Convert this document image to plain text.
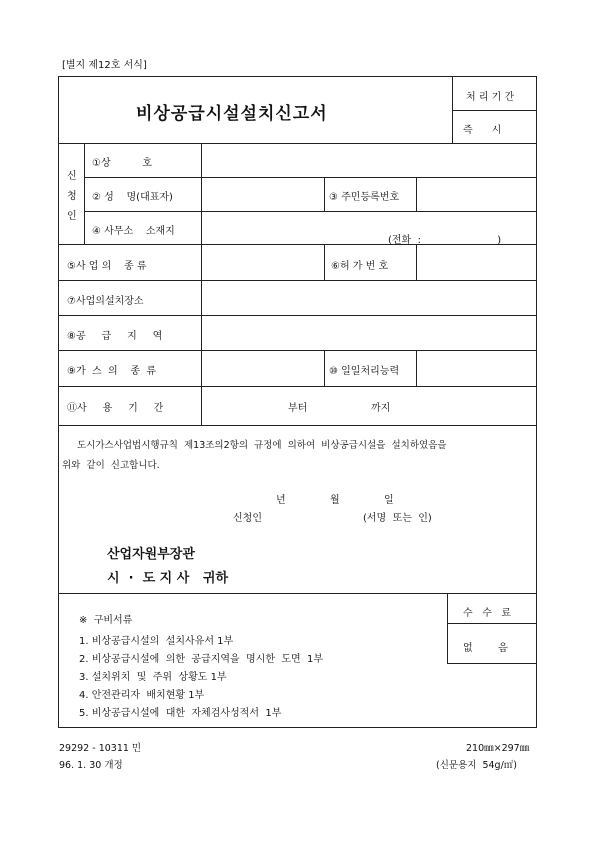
[별지 제12호 서식]
비상공급시설설치신고서
처 리 기 간
즉      시
신
청
인
①상          호
② 성    명(대표자)	③ 주민등록번호
④ 사무소    소재지
(전화  :                        )
⑤사 업 의    종 류	⑥허 가 번 호
⑦사업의설치장소
⑧공     급     지     역
⑨가  스  의    종  류	⑩ 일일처리능력
⑪사     용     기     간	부터	까지
도시가스사업법시행규칙  제13조의2항의  규정에  의하여  비상공급시설을  설치하였음을
위와  같이  신고합니다.
년	월	일
신청인	(서명  또는  인)
산업자원부장관
시  ·  도 지 사   귀하
※  구비서류
1. 비상공급시설의  설치사유서 1부
2. 비상공급시설에  의한  공급지역을  명시한  도면  1부
3. 설치위치  및  주위  상황도 1부
4. 안전관리자  배치현황 1부
5. 비상공급시설에  대한  자체검사성적서  1부
수   수   료
없        음
29292 - 10311 민
96. 1. 30 개정
210㎜×297㎜
(신문용지  54g/㎡)
